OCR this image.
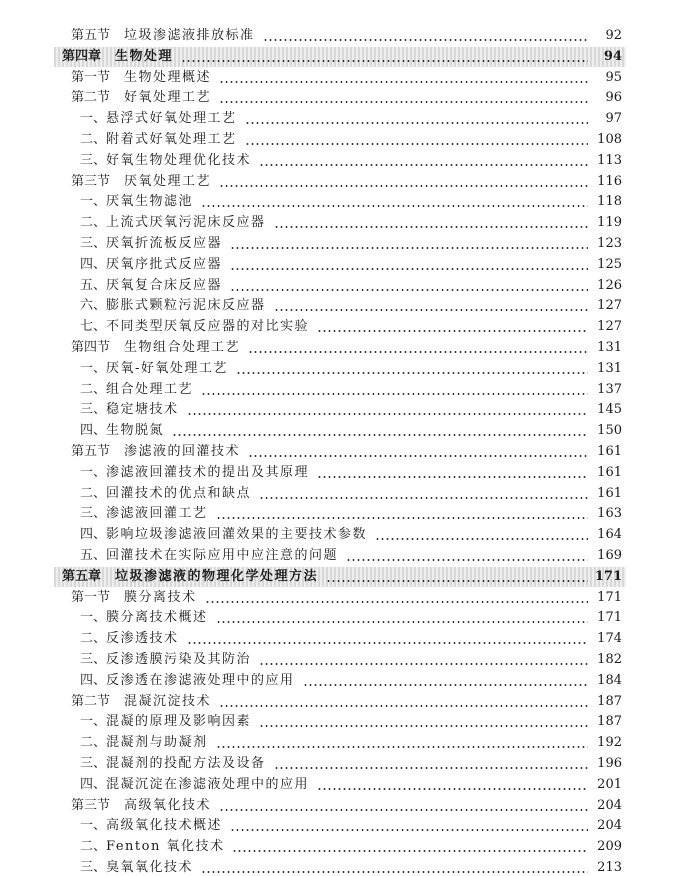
第五节 垃圾渗滤液排放标准	92
第四章 生物处理	94
第一节 生物处理概述	95
第二节 好氧处理工艺	96
一、 悬浮式好氧处理工艺	97
二、 附着式好氧处理工艺	108
三、 好氧生物处理优化技术	113
第三节 厌氧处理工艺	116
一、 厌氧生物滤池	118
二、 上流式厌氧污泥床反应器	119
三、 厌氧折流板反应器	123
四、 厌氧序批式反应器	125
五、 厌氧复合床反应器	126
六、 膨胀式颗粒污泥床反应器	127
七、 不同类型厌氧反应器的对比实验	127
第四节 生物组合处理工艺	131
一、 厌氧-好氧处理工艺	131
二、 组合处理工艺	137
三、 稳定塘技术	145
四、 生物脱氮	150
第五节 渗滤液的回灌技术	161
一、 渗滤液回灌技术的提出及其原理	161
二、 回灌技术的优点和缺点	161
三、 渗滤液回灌工艺	163
四、 影响垃圾渗滤液回灌效果的主要技术参数	164
五、 回灌技术在实际应用中应注意的问题	169
第五章 垃圾渗滤液的物理化学处理方法	171
第一节 膜分离技术	171
一、 膜分离技术概述	171
二、 反渗透技术	174
三、 反渗透膜污染及其防治	182
四、 反渗透在渗滤液处理中的应用	184
第二节 混凝沉淀技术	187
一、 混凝的原理及影响因素	187
二、 混凝剂与助凝剂	192
三、 混凝剂的投配方法及设备	196
四、 混凝沉淀在渗滤液处理中的应用	201
第三节 高级氧化技术	204
一、 高级氧化技术概述	204
二、 Fenton 氧化技术	209
三、 臭氧氧化技术	213
